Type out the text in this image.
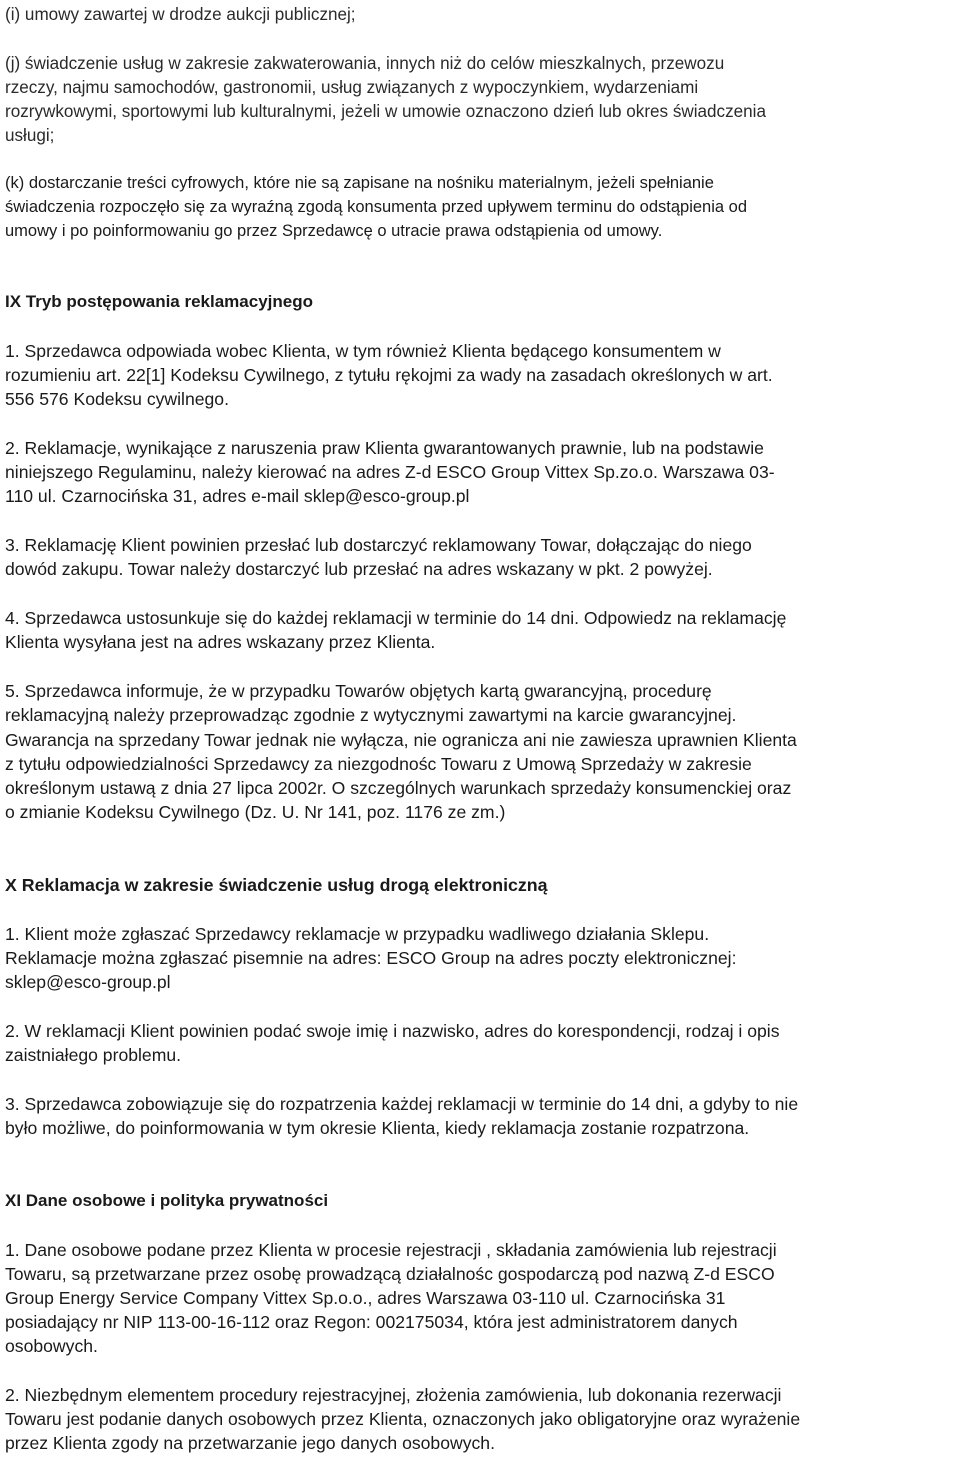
(i) umowy zawartej w drodze aukcji publicznej;

(j) świadczenie usług w zakresie zakwaterowania, innych niż do celów mieszkalnych, przewozu

rzeczy, najmu samochodów, gastronomii, usług związanych z wypoczynkiem, wydarzeniami

rozrywkowymi, sportowymi lub kulturalnymi, jeżeli w umowie oznaczono dzień lub okres świadczenia

usługi;

(k) dostarczanie treści cyfrowych, które nie są zapisane na nośniku materialnym, jeżeli spełnianie

świadczenia rozpoczęło się za wyraźną zgodą konsumenta przed upływem terminu do odstąpienia od

umowy i po poinformowaniu go przez Sprzedawcę o utracie prawa odstąpienia od umowy.

IX Tryb postępowania reklamacyjnego

1. Sprzedawca odpowiada wobec Klienta, w tym również Klienta będącego konsumentem w

rozumieniu art. 22[1] Kodeksu Cywilnego, z tytułu rękojmi za wady na zasadach określonych w art.

556 576 Kodeksu cywilnego.

2. Reklamacje, wynikające z naruszenia praw Klienta gwarantowanych prawnie, lub na podstawie

niniejszego Regulaminu, należy kierować na adres Z-d ESCO Group Vittex Sp.zo.o. Warszawa 03-

110 ul. Czarnocińska 31, adres e-mail sklep@esco-group.pl

3. Reklamację Klient powinien przesłać lub dostarczyć reklamowany Towar, dołączając do niego

dowód zakupu. Towar należy dostarczyć lub przesłać na adres wskazany w pkt. 2 powyżej.

4. Sprzedawca ustosunkuje się do każdej reklamacji w terminie do 14 dni. Odpowiedz na reklamację

Klienta wysyłana jest na adres wskazany przez Klienta.

5. Sprzedawca informuje, że w przypadku Towarów objętych kartą gwarancyjną, procedurę

reklamacyjną należy przeprowadząc zgodnie z wytycznymi zawartymi na karcie gwarancyjnej.

Gwarancja na sprzedany Towar jednak nie wyłącza, nie ogranicza ani nie zawiesza uprawnien Klienta

z tytułu odpowiedzialności Sprzedawcy za niezgodnośc Towaru z Umową Sprzedaży w zakresie

określonym ustawą z dnia 27 lipca 2002r. O szczególnych warunkach sprzedaży konsumenckiej oraz

o zmianie Kodeksu Cywilnego (Dz. U. Nr 141, poz. 1176 ze zm.)

X Reklamacja w zakresie świadczenie usług drogą elektroniczną

1. Klient może zgłaszać Sprzedawcy reklamacje w przypadku wadliwego działania Sklepu.

Reklamacje można zgłaszać pisemnie na adres: ESCO Group na adres poczty elektronicznej:

sklep@esco-group.pl

2. W reklamacji Klient powinien podać swoje imię i nazwisko, adres do korespondencji, rodzaj i opis

zaistniałego problemu.

3. Sprzedawca zobowiązuje się do rozpatrzenia każdej reklamacji w terminie do 14 dni, a gdyby to nie

było możliwe, do poinformowania w tym okresie Klienta, kiedy reklamacja zostanie rozpatrzona.

XI Dane osobowe i polityka prywatności

1. Dane osobowe podane przez Klienta w procesie rejestracji , składania zamówienia lub rejestracji

Towaru, są przetwarzane przez osobę prowadzącą działalnośc gospodarczą pod nazwą Z-d ESCO

Group Energy Service Company Vittex Sp.o.o., adres Warszawa 03-110 ul. Czarnocińska 31

posiadający nr NIP 113-00-16-112 oraz Regon: 002175034, która jest administratorem danych

osobowych.

2. Niezbędnym elementem procedury rejestracyjnej, złożenia zamówienia, lub dokonania rezerwacji

Towaru jest podanie danych osobowych przez Klienta, oznaczonych jako obligatoryjne oraz wyrażenie

przez Klienta zgody na przetwarzanie jego danych osobowych.
